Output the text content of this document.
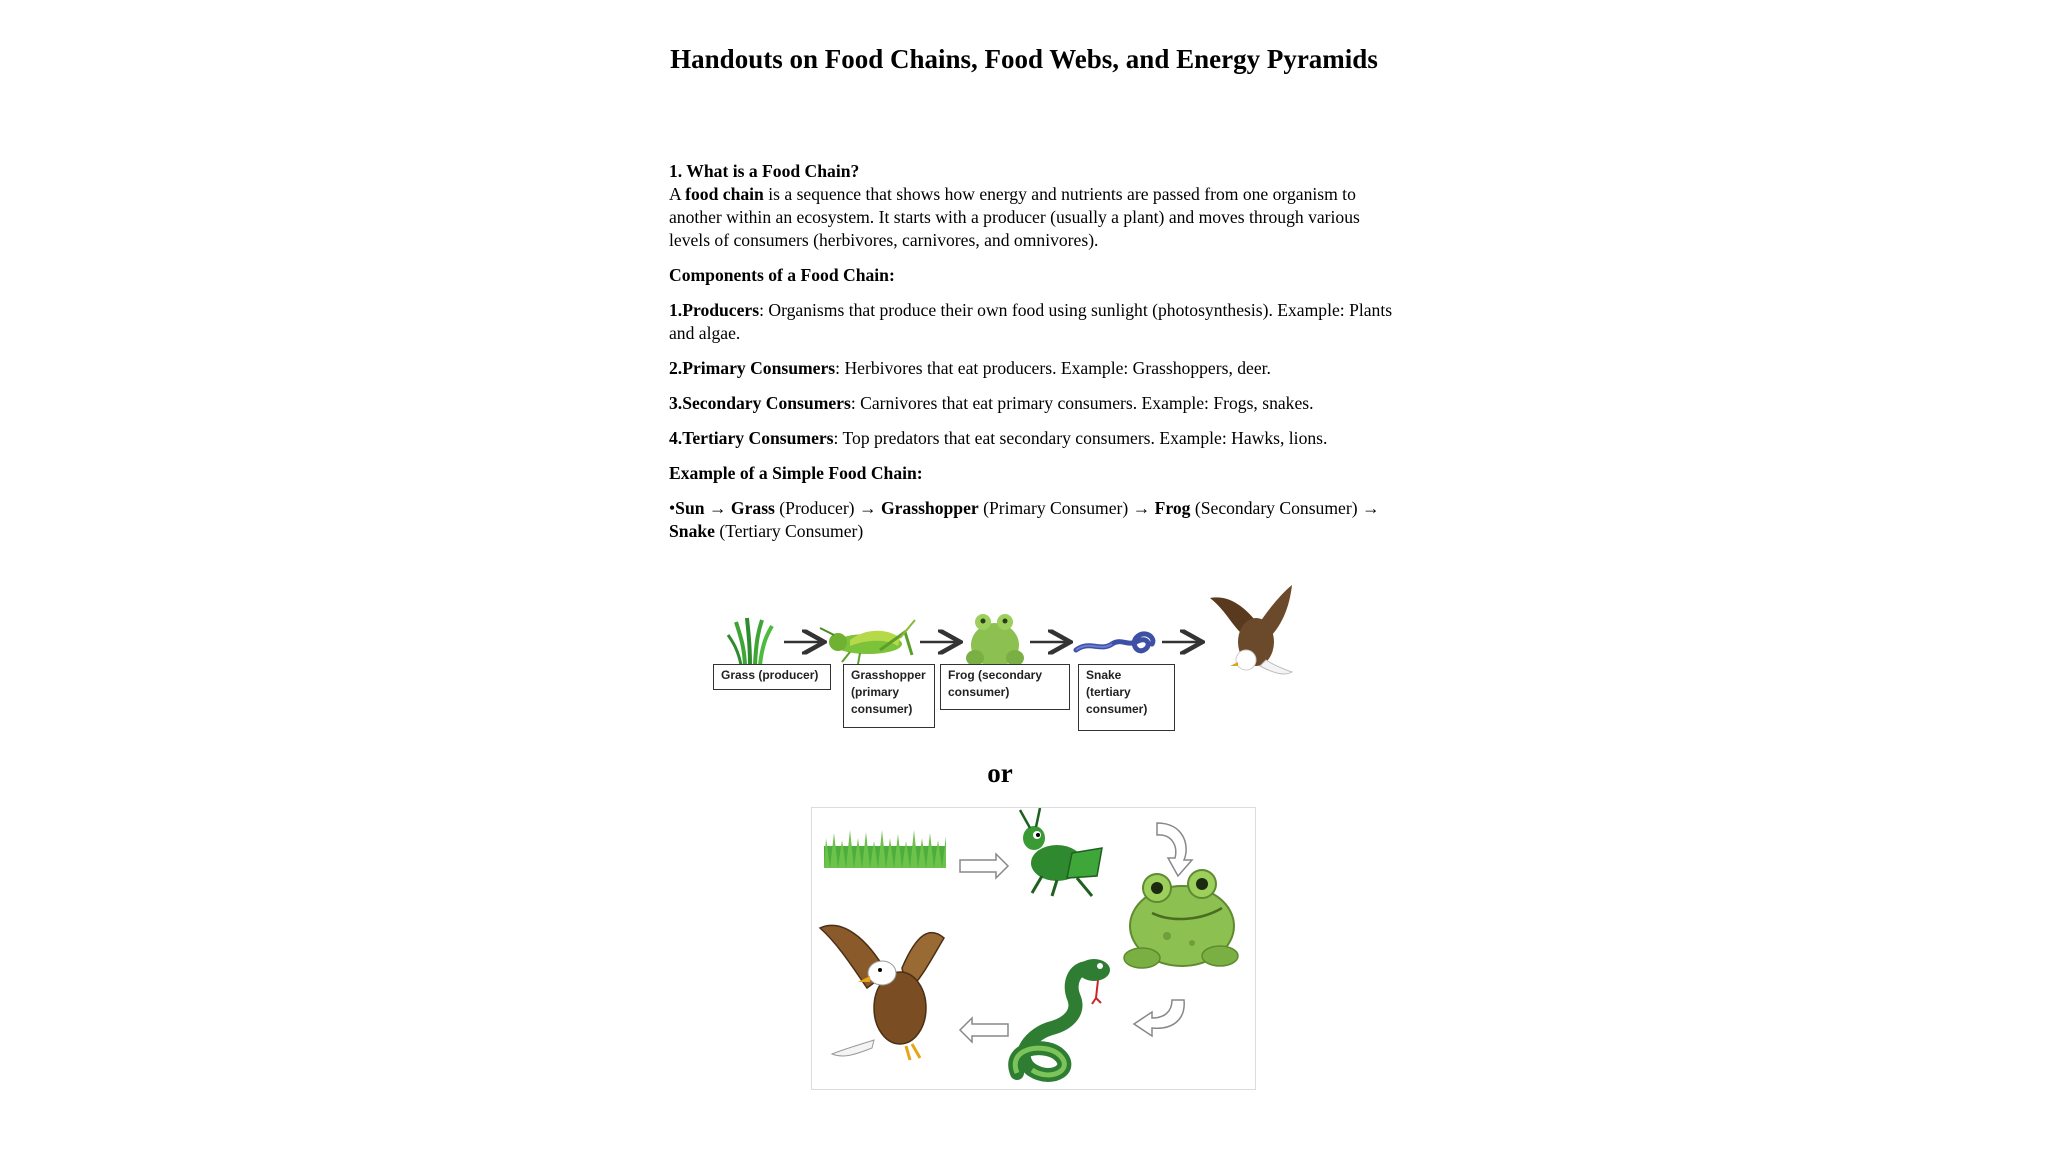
Handouts on Food Chains, Food Webs, and Energy Pyramids

1. What is a Food Chain?

A food chain is a sequence that shows how energy and nutrients are passed from one organism to another within an ecosystem. It starts with a producer (usually a plant) and moves through various levels of consumers (herbivores, carnivores, and omnivores).

Components of a Food Chain:

1.Producers: Organisms that produce their own food using sunlight (photosynthesis). Example: Plants and algae.

2.Primary Consumers: Herbivores that eat producers. Example: Grasshoppers, deer.

3.Secondary Consumers: Carnivores that eat primary consumers. Example: Frogs, snakes.

4.Tertiary Consumers: Top predators that eat secondary consumers. Example: Hawks, lions.

Example of a Simple Food Chain:

•Sun → Grass (Producer) → Grasshopper (Primary Consumer) → Frog (Secondary Consumer) → Snake (Tertiary Consumer)

Grass (producer)	Grasshopper (primary consumer)
Frog (secondary consumer)
Snake (tertiary consumer)
or
